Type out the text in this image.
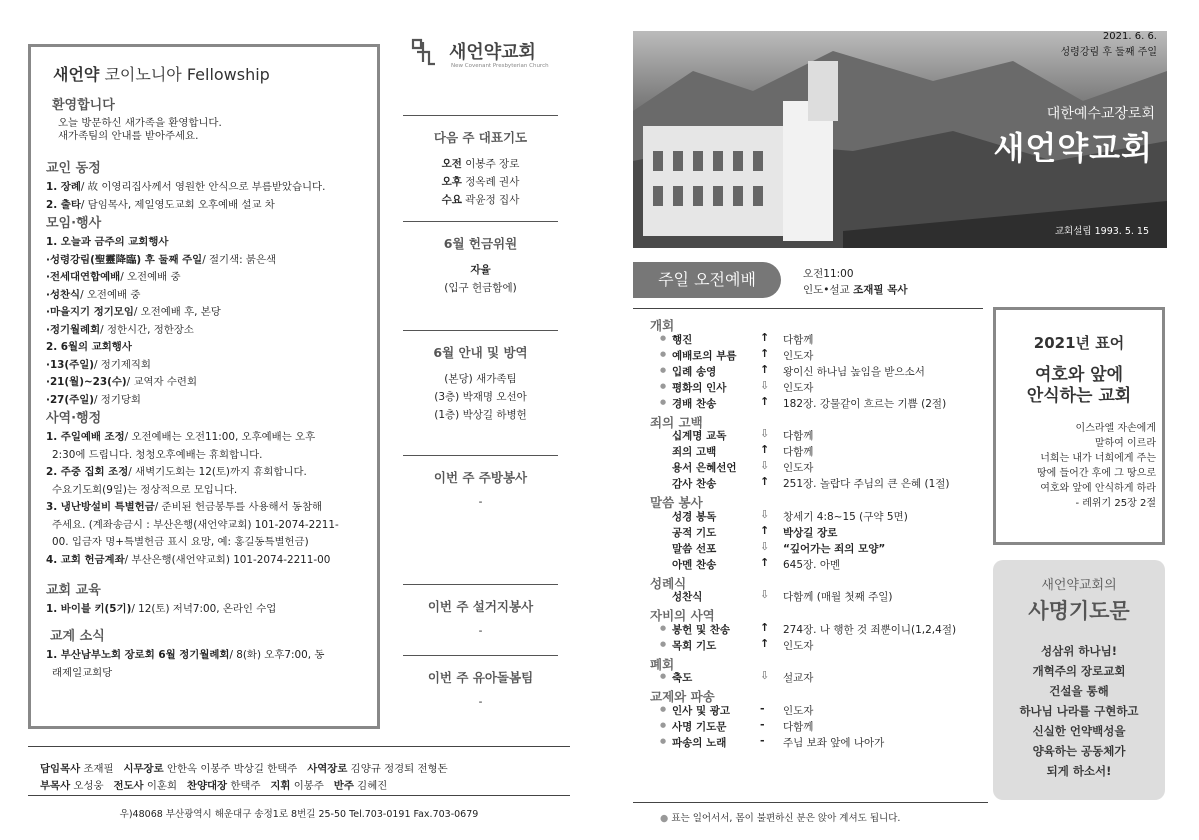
새언약교회
New Covenant Presbyterian Church
새언약 코이노니아 Fellowship
환영합니다
오늘 방문하신 새가족을 환영합니다.
새가족팀의 안내를 받아주세요.
교인 동정
1. 장례/ 故 이영리집사께서 영원한 안식으로 부름받았습니다.
2. 출타/ 담임목사, 제일영도교회 오후예배 설교 차
모임·행사
1. 오늘과 금주의 교회행사
·성령강림(聖靈降臨) 후 둘째 주일/ 절기색: 붉은색
·전세대연합예배/ 오전예배 중
·성찬식/ 오전예배 중
·마을지기 정기모임/ 오전예배 후, 본당
·정기월례회/ 정한시간, 정한장소
2. 6월의 교회행사
·13(주일)/ 정기제직회
·21(월)~23(수)/ 교역자 수련회
·27(주일)/ 정기당회
사역·행정
1. 주일예배 조정/ 오전예배는 오전11:00, 오후예배는 오후
2:30에 드립니다. 청청오후예배는 휴회합니다.
2. 주중 집회 조정/ 새벽기도회는 12(토)까지 휴회합니다.
수요기도회(9일)는 정상적으로 모입니다.
3. 냉난방설비 특별헌금/ 준비된 헌금봉투를 사용해서 동참해
주세요. (계좌송금시 : 부산은행(새언약교회) 101-2074-2211-
00. 입금자 명+특별헌금 표시 요망, 예: 홍길동특별헌금)
4. 교회 헌금계좌/ 부산은행(새언약교회) 101-2074-2211-00
교회 교육
1. 바이블 키(5기)/ 12(토) 저녁7:00, 온라인 수업
교계 소식
1. 부산남부노회 장로회 6월 정기월례회/ 8(화) 오후7:00, 동
래제일교회당
다음 주 대표기도
오전 이봉주 장로
오후 정옥례 권사
수요 곽윤정 집사
6월 헌금위원
자율
(입구 헌금함에)
6월 안내 및 방역
(본당) 새가족팀
(3층) 박재명 오선아
(1층) 박상길 하병헌
이번 주 주방봉사
-
이번 주 설거지봉사
-
이번 주 유아돌봄팀
-
담임목사 조재필   시무장로 안한옥 이봉주 박상길 한택주   사역장로 김양규 정경퇴 전형돈
부목사 오성웅   전도사 이훈희   찬양대장 한택주   지휘 이봉주   반주 김혜진
우)48068 부산광역시 해운대구 송정1로 8번길 25-50 Tel.703-0191 Fax.703-0679
2021. 6. 6.
성령강림 후 둘째 주일
대한예수교장로회
새언약교회
교회설립 1993. 5. 15
주일 오전예배	오전11:00
인도•설교 조재필 목사
개회
● 행진	↑ 다함께
● 예배로의 부름 ↑ 인도자
● 입례 송영	↑ 왕이신 하나님 높임을 받으소서
● 평화의 인사	⇩ 인도자
● 경배 찬송	↑ 182장. 강물같이 흐르는 기쁨 (2절)
죄의 고백
십계명 교독	⇩ 다함께
죄의 고백	↑ 다함께
용서 은혜선언 ⇩ 인도자
감사 찬송	↑ 251장. 놀랍다 주님의 큰 은혜 (1절)
말씀 봉사
성경 봉독	⇩ 창세기 4:8~15 (구약 5면)
공적 기도	↑ 박상길 장로
말씀 선포	⇩ “깊어가는 죄의 모양”
아멘 찬송	↑ 645장. 아멘
성례식
성찬식	⇩ 다함께 (매월 첫째 주일)
자비의 사역
● 봉헌 및 찬송	↑ 274장. 나 행한 것 죄뿐이니(1,2,4절)
● 목회 기도	↑ 인도자
폐회
● 축도	⇩ 설교자
교제와 파송
● 인사 및 광고	- 인도자
● 사명 기도문	- 다함께
● 파송의 노래	- 주님 보좌 앞에 나아가
● 표는 일어서서, 몸이 불편하신 분은 앉아 계셔도 됩니다.
2021년 표어
여호와 앞에
안식하는 교회
이스라엘 자손에게
말하여 이르라
너희는 내가 너희에게 주는
땅에 들어간 후에 그 땅으로
여호와 앞에 안식하게 하라
- 레위기 25장 2절
새언약교회의
사명기도문
성삼위 하나님!
개혁주의 장로교회
건설을 통해
하나님 나라를 구현하고
신실한 언약백성을
양육하는 공동체가
되게 하소서!
